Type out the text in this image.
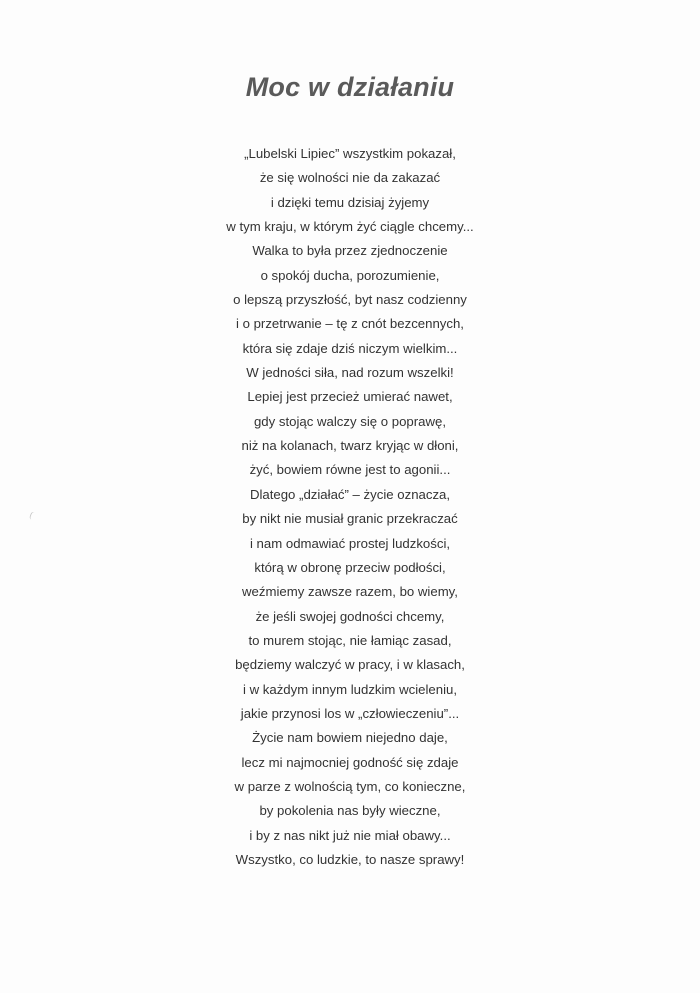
Moc w działaniu
„Lubelski Lipiec” wszystkim pokazał,
że się wolności nie da zakazać
i dzięki temu dzisiaj żyjemy
w tym kraju, w którym żyć ciągle chcemy...
Walka to była przez zjednoczenie
o spokój ducha, porozumienie,
o lepszą przyszłość, byt nasz codzienny
i o przetrwanie – tę z cnót bezcennych,
która się zdaje dziś niczym wielkim...
W jedności siła, nad rozum wszelki!
Lepiej jest przecież umierać nawet,
gdy stojąc walczy się o poprawę,
niż na kolanach, twarz kryjąc w dłoni,
żyć, bowiem równe jest to agonii...
Dlatego „działać” – życie oznacza,
by nikt nie musiał granic przekraczać
i nam odmawiać prostej ludzkości,
którą w obronę przeciw podłości,
weźmiemy zawsze razem, bo wiemy,
że jeśli swojej godności chcemy,
to murem stojąc, nie łamiąc zasad,
będziemy walczyć w pracy, i w klasach,
i w każdym innym ludzkim wcieleniu,
jakie przynosi los w „człowieczeniu”...
Życie nam bowiem niejedno daje,
lecz mi najmocniej godność się zdaje
w parze z wolnością tym, co konieczne,
by pokolenia nas były wieczne,
i by z nas nikt już nie miał obawy...
Wszystko, co ludzkie, to nasze sprawy!
